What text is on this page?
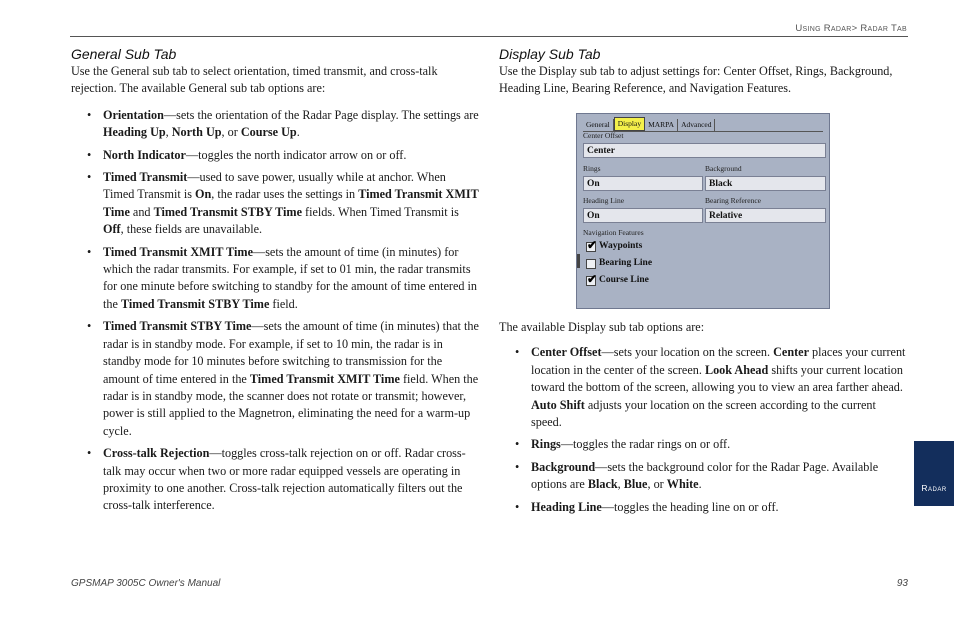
Using Radar> Radar Tab
General Sub Tab

Use the General sub tab to select orientation, timed transmit, and cross-talk rejection. The available General sub tab options are:

• Orientation—sets the orientation of the Radar Page display. The settings are Heading Up, North Up, or Course Up.
• North Indicator—toggles the north indicator arrow on or off.
• Timed Transmit—used to save power, usually while at anchor. When Timed Transmit is On, the radar uses the settings in Timed Transmit XMIT Time and Timed Transmit STBY Time fields. When Timed Transmit is Off, these fields are unavailable.
• Timed Transmit XMIT Time—sets the amount of time (in minutes) for which the radar transmits. For example, if set to 01 min, the radar transmits for one minute before switching to standby for the amount of time entered in the Timed Transmit STBY Time field.
• Timed Transmit STBY Time—sets the amount of time (in minutes) that the radar is in standby mode. For example, if set to 10 min, the radar is in standby mode for 10 minutes before switching to transmission for the amount of time entered in the Timed Transmit XMIT Time field. When the radar is in standby mode, the scanner does not rotate or transmit; however, power is still applied to the Magnetron, eliminating the need for a warm-up cycle.
• Cross-talk Rejection—toggles cross-talk rejection on or off. Radar cross-talk may occur when two or more radar equipped vessels are operating in proximity to one another. Cross-talk rejection automatically filters out the cross-talk interference.
Display Sub Tab

Use the Display sub tab to adjust settings for: Center Offset, Rings, Background, Heading Line, Bearing Reference, and Navigation Features.

The available Display sub tab options are:

• Center Offset—sets your location on the screen. Center places your current location in the center of the screen. Look Ahead shifts your current location toward the bottom of the screen, allowing you to view an area farther ahead. Auto Shift adjusts your location on the screen according to the current speed.
• Rings—toggles the radar rings on or off.
• Background—sets the background color for the Radar Page. Available options are Black, Blue, or White.
• Heading Line—toggles the heading line on or off.
General	Display MARPA Advanced
Center Offset
Center
Rings	Background
On	Black
Heading Line	Bearing Reference
On	Relative
Navigation Features
✔
Waypoints
Bearing Line
✔
Course Line
Radar
GPSMAP 3005C Owner's Manual	93
